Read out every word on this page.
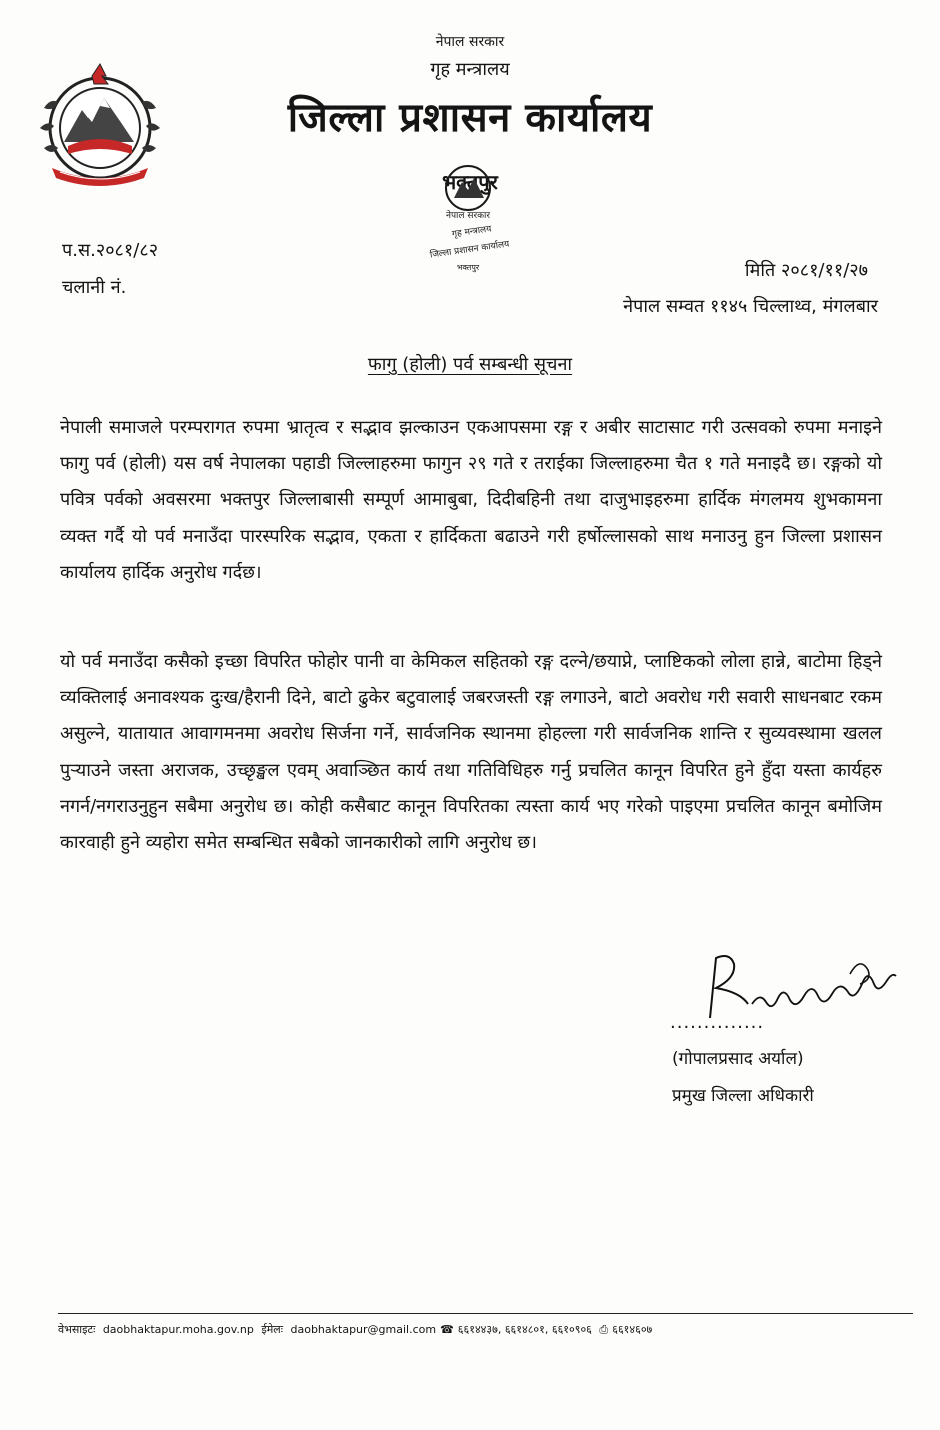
नेपाल सरकार
गृह मन्त्रालय
जिल्ला प्रशासन कार्यालय
भक्तपुर
नेपाल सरकार
गृह मन्त्रालय
जिल्ला प्रशासन कार्यालय
भक्तपुर
प.स.२०८१/८२
चलानी नं.
मिति २०८१/११/२७
नेपाल सम्वत ११४५ चिल्लाथ्व, मंगलबार
फागु (होली) पर्व सम्बन्धी सूचना

नेपाली समाजले परम्परागत रुपमा भ्रातृत्व र सद्भाव झल्काउन एकआपसमा रङ्ग र अबीर साटासाट गरी उत्सवको रुपमा मनाइने फागु पर्व (होली) यस वर्ष नेपालका पहाडी जिल्लाहरुमा फागुन २९ गते र तराईका जिल्लाहरुमा चैत १ गते मनाइदै छ। रङ्गको यो पवित्र पर्वको अवसरमा भक्तपुर जिल्लाबासी सम्पूर्ण आमाबुबा, दिदीबहिनी तथा दाजुभाइहरुमा हार्दिक मंगलमय शुभकामना व्यक्त गर्दै यो पर्व मनाउँदा पारस्परिक सद्भाव, एकता र हार्दिकता बढाउने गरी हर्षोल्लासको साथ मनाउनु हुन जिल्ला प्रशासन कार्यालय हार्दिक अनुरोध गर्दछ।

यो पर्व मनाउँदा कसैको इच्छा विपरित फोहोर पानी वा केमिकल सहितको रङ्ग दल्ने/छयाप्ने, प्लाष्टिकको लोला हान्ने, बाटोमा हिड्ने व्यक्तिलाई अनावश्यक दुःख/हैरानी दिने, बाटो ढुकेर बटुवालाई जबरजस्ती रङ्ग लगाउने, बाटो अवरोध गरी सवारी साधनबाट रकम असुल्ने, यातायात आवागमनमा अवरोध सिर्जना गर्ने, सार्वजनिक स्थानमा होहल्ला गरी सार्वजनिक शान्ति र सुव्यवस्थामा खलल पुर्‍याउने जस्ता अराजक, उच्छृङ्खल एवम् अवाञ्छित कार्य तथा गतिविधिहरु गर्नु प्रचलित कानून विपरित हुने हुँदा यस्ता कार्यहरु नगर्न/नगराउनुहुन सबैमा अनुरोध छ। कोही कसैबाट कानून विपरितका त्यस्ता कार्य भए गरेको पाइएमा प्रचलित कानून बमोजिम कारवाही हुने व्यहोरा समेत सम्बन्धित सबैको जानकारीको लागि अनुरोध छ।

..............
(गोपालप्रसाद अर्याल)
प्रमुख जिल्ला अधिकारी
वेभसाइटः daobhaktapur.moha.gov.np ईमेलः daobhaktapur@gmail.com ☎ ६६१४४३७, ६६१४८०१, ६६१०९०६ ⎙ ६६१४६०७
